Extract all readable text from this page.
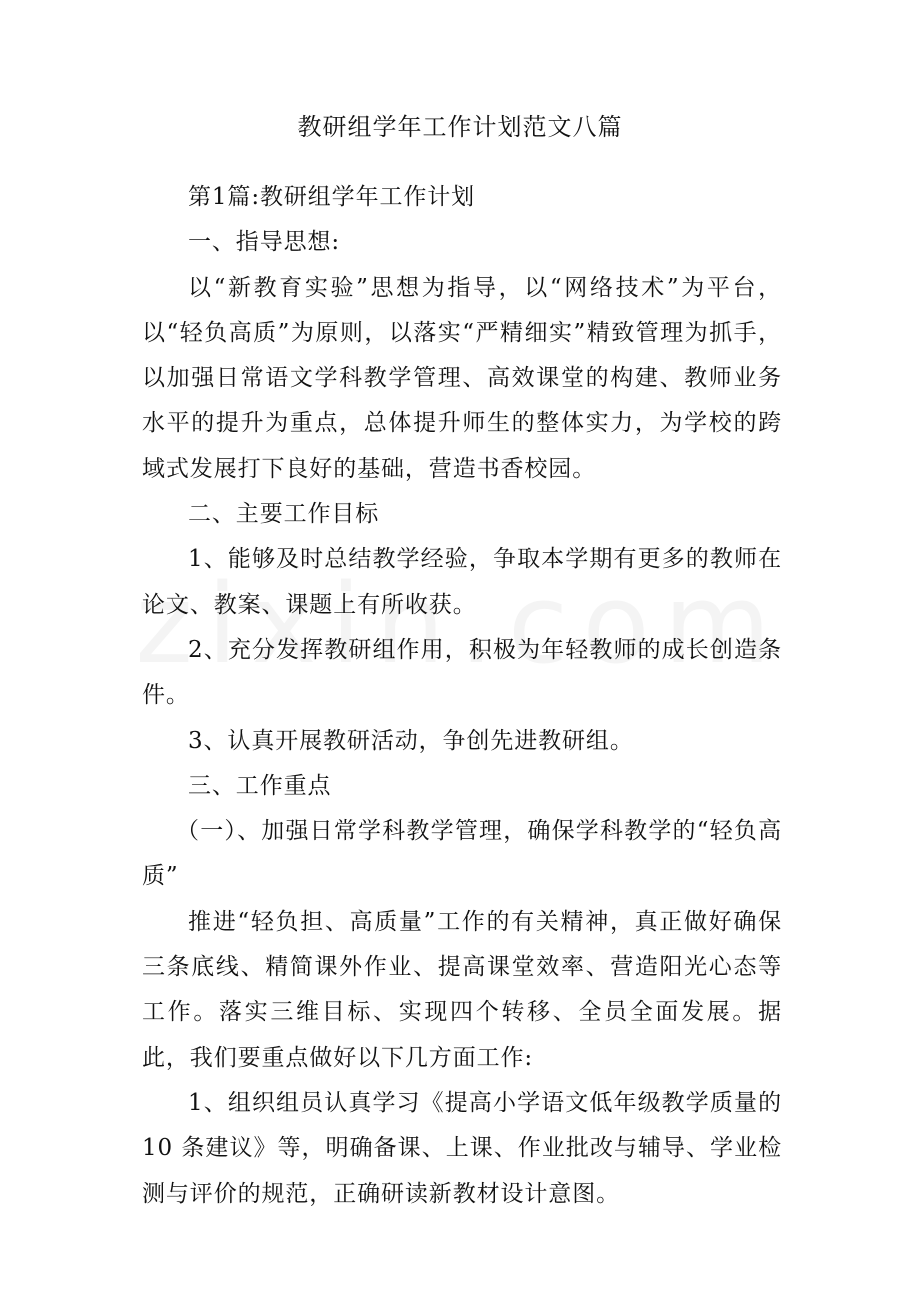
教研组学年工作计划范文八篇

第1篇:教研组学年工作计划

一、指导思想:

以“新教育实验”思想为指导，以“网络技术”为平台，以“轻负高质”为原则，以落实“严精细实”精致管理为抓手，以加强日常语文学科教学管理、高效课堂的构建、教师业务水平的提升为重点，总体提升师生的整体实力，为学校的跨域式发展打下良好的基础，营造书香校园。

二、主要工作目标

1、能够及时总结教学经验，争取本学期有更多的教师在论文、教案、课题上有所收获。

2、充分发挥教研组作用，积极为年轻教师的成长创造条件。

3、认真开展教研活动，争创先进教研组。

三、工作重点

（一）、加强日常学科教学管理，确保学科教学的“轻负高质”

推进“轻负担、高质量”工作的有关精神，真正做好确保三条底线、精简课外作业、提高课堂效率、营造阳光心态等工作。落实三维目标、实现四个转移、全员全面发展。据此，我们要重点做好以下几方面工作:

1、组织组员认真学习《提高小学语文低年级教学质量的10 条建议》等，明确备课、上课、作业批改与辅导、学业检测与评价的规范，正确研读新教材设计意图。
